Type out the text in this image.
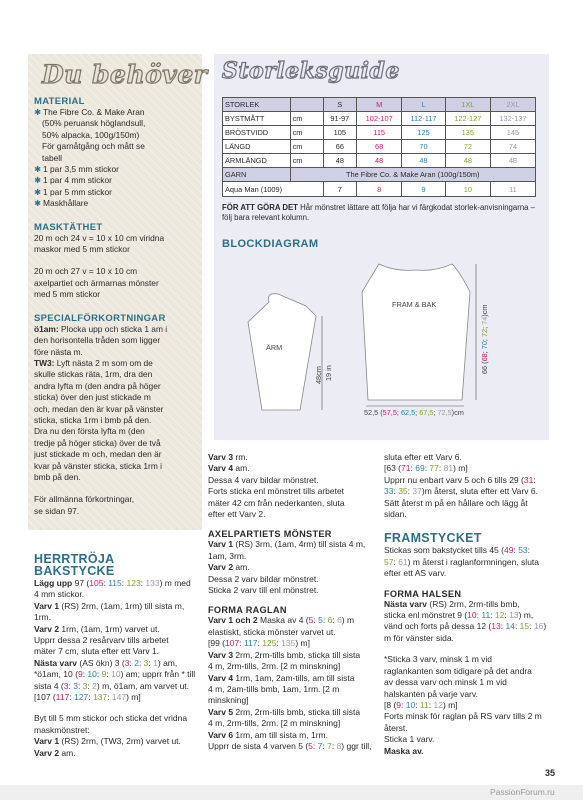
Du behöver
MATERIAL
✱ The Fibre Co. & Make Aran
(50% peruansk höglandsull,
50% alpacka, 100g/150m)
För garnåtgång och mått se
tabell
✱ 1 par 3,5 mm stickor
✱ 1 par 4 mm stickor
✱ 1 par 5 mm stickor
✱ Maskhållare
MASKTÄTHET
20 m och 24 v = 10 x 10 cm viridna
maskor med 5 mm stickor
20 m och 27 v = 10 x 10 cm
axelpartiet och ärmarnas mönster
med 5 mm stickor
SPECIALFÖRKORTNINGAR
ö1am: Plocka upp och sticka 1 am i
den horisontella tråden som ligger
före nästa m.
TW3: Lyft nästa 2 m som om de
skulle stickas räta, 1rm, dra den
andra lyfta m (den andra på höger
sticka) över den just stickade m
och, medan den är kvar på vänster
sticka, sticka 1rm i bmb på den.
Dra nu den första lyfta m (den
tredje på höger sticka) över de två
just stickade m och, medan den är
kvar på vänster sticka, sticka 1rm i
bmb på den.
För allmänna förkortningar,
se sidan 97.
Storleksguide
STORLEK		S	M	L	1XL	2XL
BYSTMÅTT	cm	91-97	102-107	112-117	122-127	132-137
BRÖSTVIDD	cm	105	115	125	135	145
LÄNGD	cm	66	68	70	72	74
ÄRMLÄNGD	cm	48	48	48	48	48
GARN	The Fibre Co. & Make Aran (100g/150m)					
Aqua Man (1009)		7	8	9	10	11
FÖR ATT GÖRA DET Hår mönstret lättare att följa har vi färgkodat storlek-anvisningarna – följ bara relevant kolumn.
BLOCKDIAGRAM
ÄRM
48cm 19 in
FRAM & BAK
52,5 (57,5; 62,5; 67,5; 72,5)cm
66 (68; 70; 72; 74)cm
HERRTRÖJA
BAKSTYCKE
Lägg upp 97 (105: 115: 123: 133) m med
4 mm stickor.
Varv 1 (RS) 2rm, (1am, 1rm) till sista m,
1rm.
Varv 2 1rm, (1am, 1rm) varvet ut.
Upprr dessa 2 resårvarv tills arbetet
mäter 7 cm, sluta efter ett Varv 1.
Nästa varv (AS ökn) 3 (3: 2: 3: 1) am,
*ö1am, 10 (9: 10: 9: 10) am; upprr från * till
sista 4 (3: 3: 3: 2) m, ö1am, am varvet ut.
[107 (117: 127: 137: 147) m]
Byt till 5 mm stickor och sticka det vridna
maskmönstret:
Varv 1 (RS) 2rm, (TW3, 2rm) varvet ut.
Varv 2 am.
Varv 3 rm.
Varv 4 am.
Dessa 4 varv bildar mönstret.
Forts sticka enl mönstret tills arbetet
mäter 42 cm från nederkanten, sluta
efter ett Varv 2.
AXELPARTIETS MÖNSTER
Varv 1 (RS) 3rm, (1am, 4rm) till sista 4 m,
1am, 3rm.
Varv 2 am.
Dessa 2 varv bildar mönstret.
Sticka 2 varv till enl mönstret.
FORMA RAGLAN
Varv 1 och 2 Maska av 4 (5: 5: 6: 6) m
elastiskt, sticka mönster varvet ut.
[99 (107: 117: 125: 135) m]
Varv 3 2rm, 2rm-tills bmb, sticka till sista
4 m, 2rm-tills, 2rm. [2 m minskning]
Varv 4 1rm, 1am, 2am-tills, am till sista
4 m, 2am-tills bmb, 1am, 1rm. [2 m
minskning]
Varv 5 2rm, 2rm-tills bmb, sticka till sista
4 m, 2rm-tills, 2rm. [2 m minskning]
Varv 6 1rm, am till sista m, 1rm.
Upprr de sista 4 varven 5 (5: 7: 7: 8) ggr till,
sluta efter ett Varv 6.
[63 (71: 69: 77: 81) m]
Upprr nu enbart varv 5 och 6 tills 29 (31:
33: 35: 37)m återst, sluta efter ett Varv 6.
Sätt återst m på en hållare och lägg åt
sidan.
FRAMSTYCKET
Stickas som bakstycket tills 45 (49: 53:
57: 61) m återst i raglanformningen, sluta
efter ett AS varv.
FORMA HALSEN
Nästa varv (RS) 2rm, 2rm-tills bmb,
sticka enl mönstret 9 (10: 11: 12: 13) m,
vänd och forts på dessa 12 (13: 14: 15: 16)
m för vänster sida.
*Sticka 3 varv, minsk 1 m vid
raglankanten som tidigare på det andra
av dessa varv och minsk 1 m vid
halskanten på varje varv.
[8 (9: 10: 11: 12) m]
Forts minsk för raglan på RS varv tills 2 m
återst.
Sticka 1 varv.
Maska av.
35
PassionForum.ru
